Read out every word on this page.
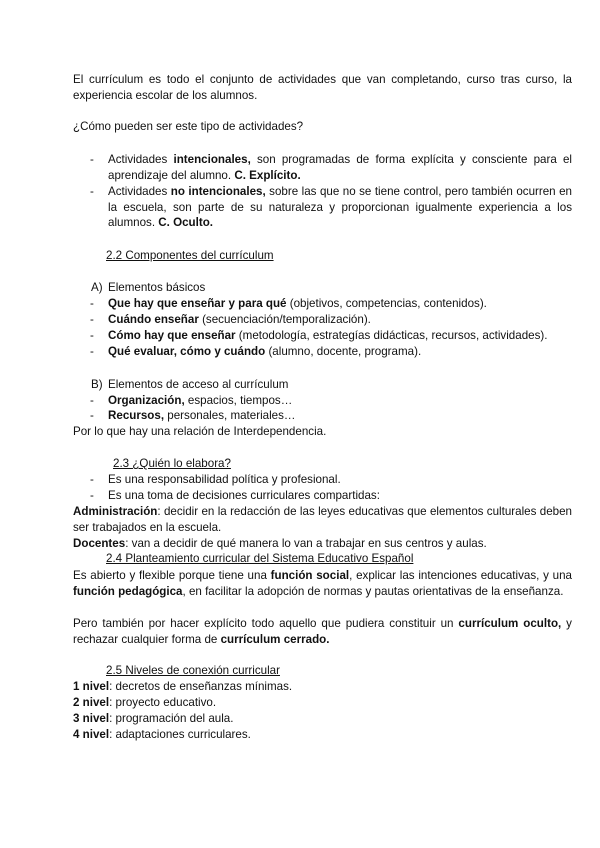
El currículum es todo el conjunto de actividades que van completando, curso tras curso, la experiencia escolar de los alumnos.
¿Cómo pueden ser este tipo de actividades?
- Actividades intencionales, son programadas de forma explícita y consciente para el aprendizaje del alumno. C. Explícito.
- Actividades no intencionales, sobre las que no se tiene control, pero también ocurren en la escuela, son parte de su naturaleza y proporcionan igualmente experiencia a los alumnos. C. Oculto.
2.2 Componentes del currículum
A) Elementos básicos
- Que hay que enseñar y para qué (objetivos, competencias, contenidos).
- Cuándo enseñar (secuenciación/temporalización).
- Cómo hay que enseñar (metodología, estrategías didácticas, recursos, actividades).
- Qué evaluar, cómo y cuándo (alumno, docente, programa).
B) Elementos de acceso al currículum
- Organización, espacios, tiempos…
- Recursos, personales, materiales…
Por lo que hay una relación de Interdependencia.
2.3 ¿Quién lo elabora?
- Es una responsabilidad política y profesional.
- Es una toma de decisiones curriculares compartidas:
Administración: decidir en la redacción de las leyes educativas que elementos culturales deben ser trabajados en la escuela.
Docentes: van a decidir de qué manera lo van a trabajar en sus centros y aulas.
2.4 Planteamiento curricular del Sistema Educativo Español
Es abierto y flexible porque tiene una función social, explicar las intenciones educativas, y una función pedagógica, en facilitar la adopción de normas y pautas orientativas de la enseñanza.
Pero también por hacer explícito todo aquello que pudiera constituir un currículum oculto, y rechazar cualquier forma de currículum cerrado.
2.5 Niveles de conexión curricular
1 nivel: decretos de enseñanzas mínimas.
2 nivel: proyecto educativo.
3 nivel: programación del aula.
4 nivel: adaptaciones curriculares.
